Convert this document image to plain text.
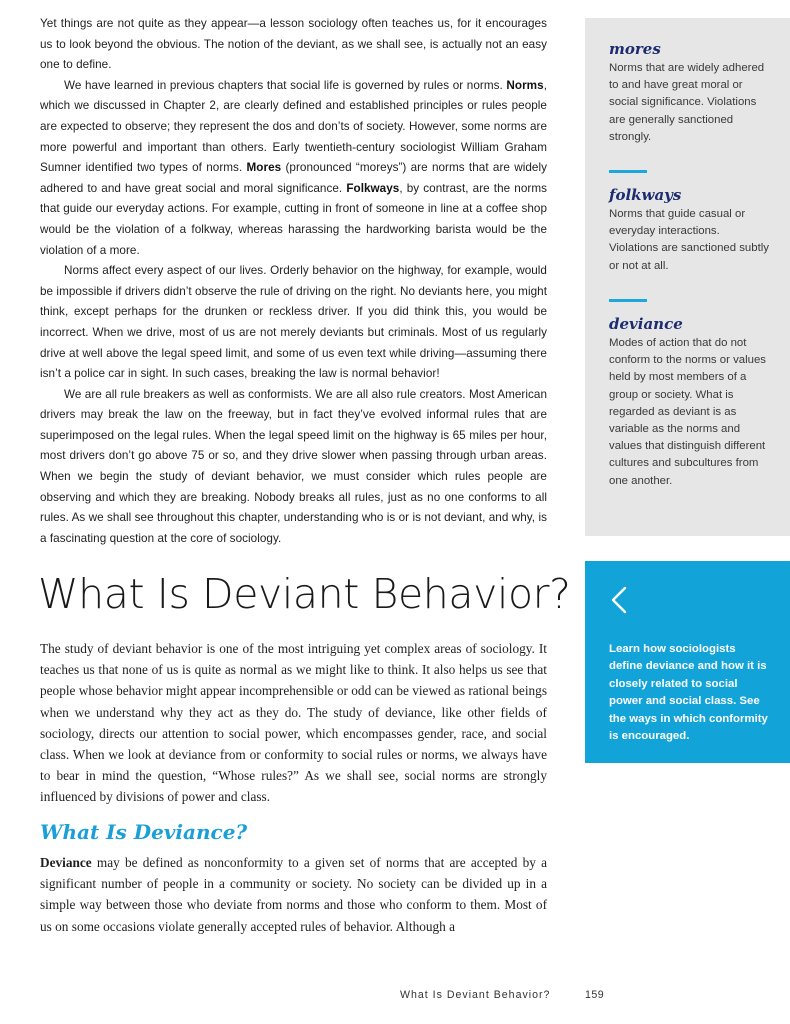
Yet things are not quite as they appear—a lesson sociology often teaches us, for it encourages us to look beyond the obvious. The notion of the deviant, as we shall see, is actually not an easy one to define.

We have learned in previous chapters that social life is governed by rules or norms. Norms, which we discussed in Chapter 2, are clearly defined and established principles or rules people are expected to observe; they represent the dos and don’ts of society. However, some norms are more powerful and important than others. Early twentieth-century sociologist William Graham Sumner identified two types of norms. Mores (pronounced “moreys”) are norms that are widely adhered to and have great social and moral significance. Folkways, by contrast, are the norms that guide our everyday actions. For example, cutting in front of someone in line at a coffee shop would be the violation of a folkway, whereas harassing the hardworking barista would be the violation of a more.

Norms affect every aspect of our lives. Orderly behavior on the highway, for example, would be impossible if drivers didn’t observe the rule of driving on the right. No deviants here, you might think, except perhaps for the drunken or reckless driver. If you did think this, you would be incorrect. When we drive, most of us are not merely deviants but criminals. Most of us regularly drive at well above the legal speed limit, and some of us even text while driving—assuming there isn’t a police car in sight. In such cases, breaking the law is normal behavior!

We are all rule breakers as well as conformists. We are all also rule creators. Most American drivers may break the law on the freeway, but in fact they’ve evolved informal rules that are superimposed on the legal rules. When the legal speed limit on the highway is 65 miles per hour, most drivers don’t go above 75 or so, and they drive slower when passing through urban areas. When we begin the study of deviant behavior, we must consider which rules people are observing and which they are breaking. Nobody breaks all rules, just as no one conforms to all rules. As we shall see throughout this chapter, understanding who is or is not deviant, and why, is a fascinating question at the core of sociology.

What Is Deviant Behavior?

The study of deviant behavior is one of the most intriguing yet complex areas of sociology. It teaches us that none of us is quite as normal as we might like to think. It also helps us see that people whose behavior might appear incomprehensible or odd can be viewed as rational beings when we understand why they act as they do. The study of deviance, like other fields of sociology, directs our attention to social power, which encompasses gender, race, and social class. When we look at deviance from or conformity to social rules or norms, we always have to bear in mind the question, “Whose rules?” As we shall see, social norms are strongly influenced by divisions of power and class.

What Is Deviance?

Deviance may be defined as nonconformity to a given set of norms that are accepted by a significant number of people in a community or society. No society can be divided up in a simple way between those who deviate from norms and those who conform to them. Most of us on some occasions violate generally accepted rules of behavior. Although a

mores

Norms that are widely adhered to and have great moral or social significance. Violations are generally sanctioned strongly.

folkways

Norms that guide casual or everyday interactions. Violations are sanctioned subtly or not at all.

deviance

Modes of action that do not conform to the norms or values held by most members of a group or society. What is regarded as deviant is as variable as the norms and values that distinguish different cultures and subcultures from one another.

Learn how sociologists define deviance and how it is closely related to social power and social class. See the ways in which conformity is encouraged.

What Is Deviant Behavior?	159
